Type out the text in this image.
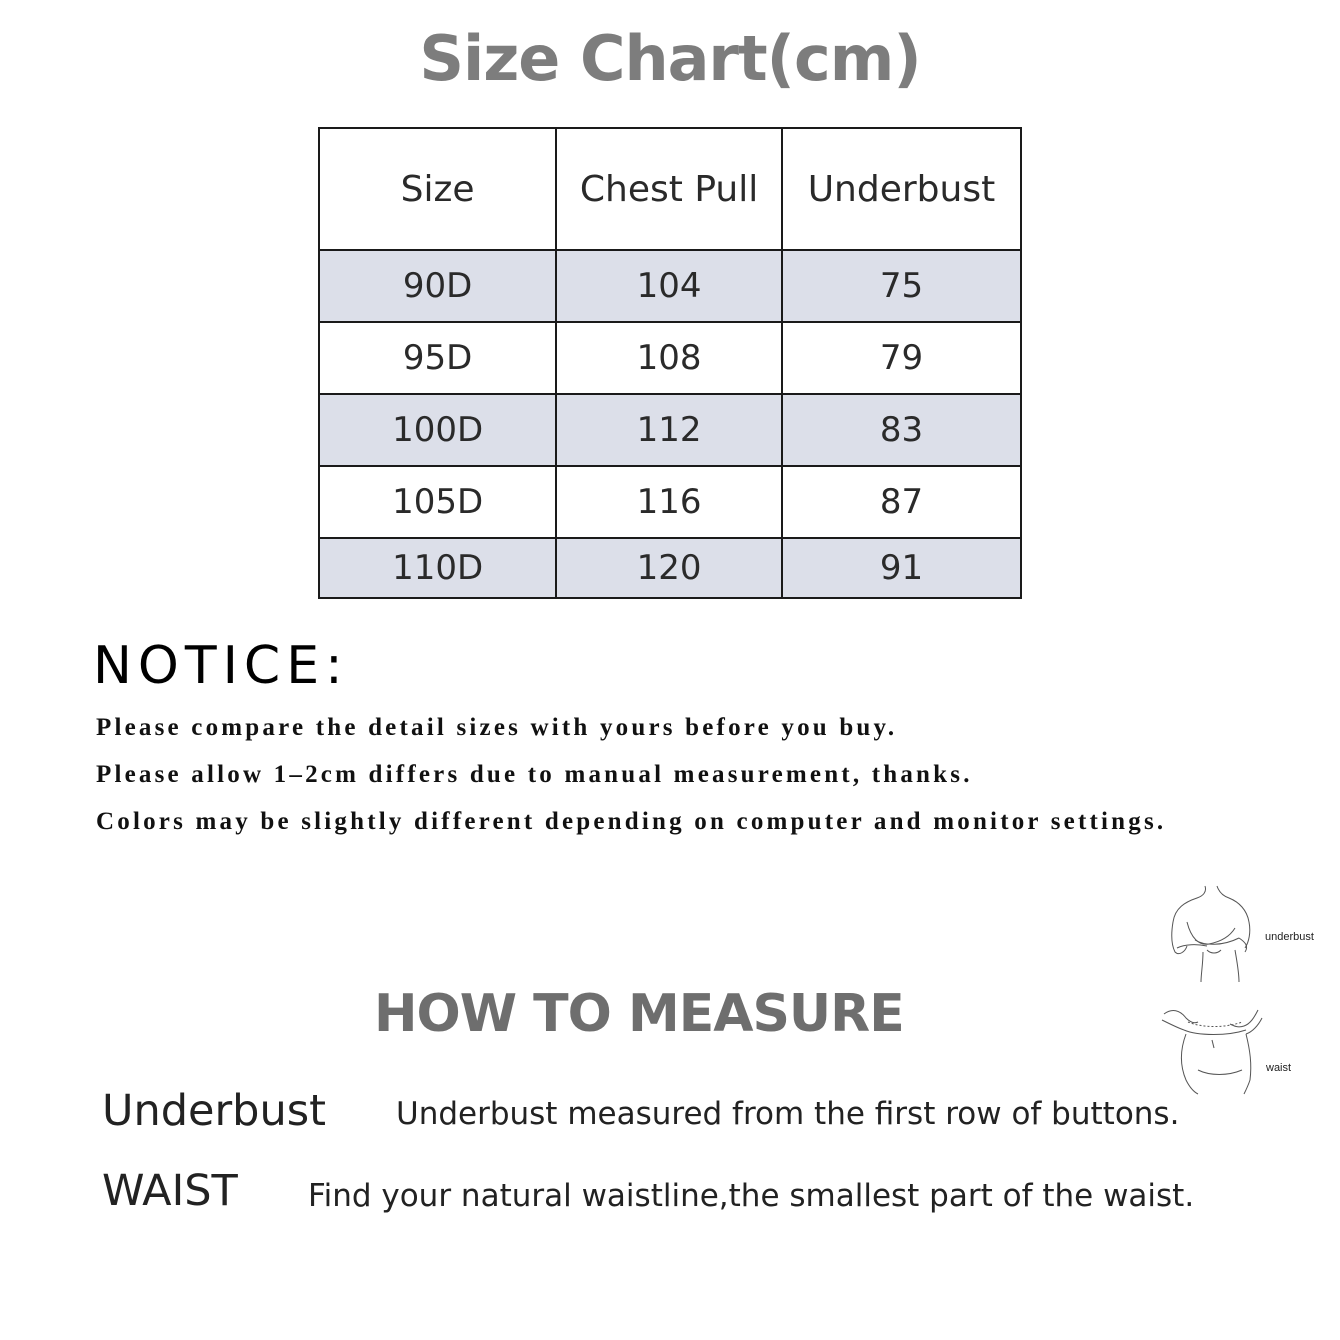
Size Chart(cm)
Size	Chest Pull	Underbust
90D	104	75
95D	108	79
100D	112	83
105D	116	87
110D	120	91
NOTICE:
Please compare the detail sizes with yours before you buy.
Please allow 1–2cm differs due to manual measurement, thanks.
Colors may be slightly different depending on computer and monitor settings.
underbust
waist
HOW TO MEASURE
Underbust Underbust measured from the first row of buttons.
WAIST Find your natural waistline,the smallest part of the waist.
